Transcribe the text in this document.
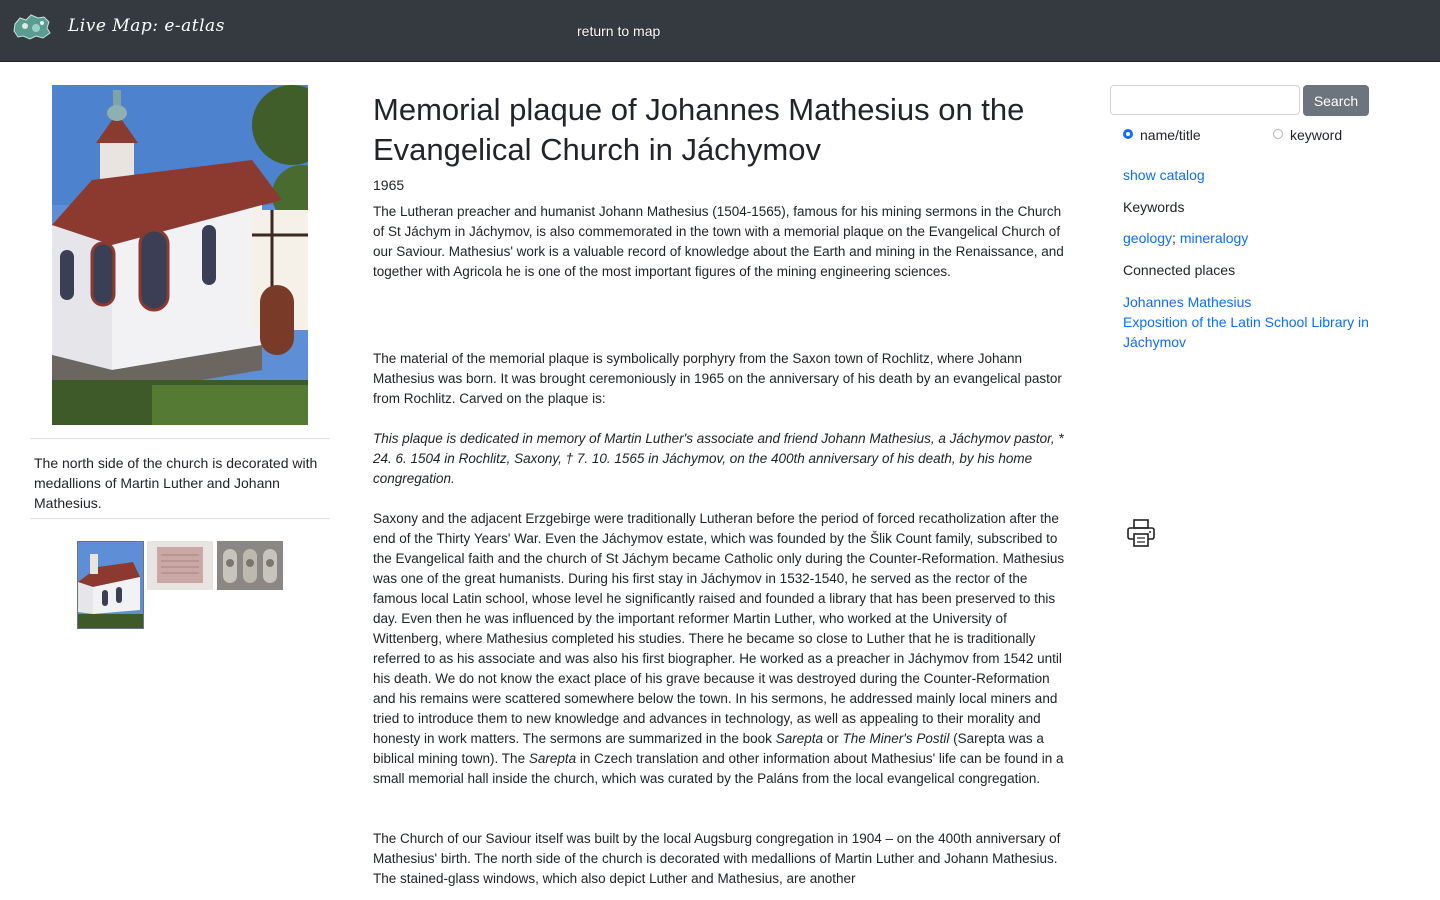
Live Map: e-atlas	return to map
The north side of the church is decorated with medallions of Martin Luther and Johann Mathesius.
Memorial plaque of Johannes Mathesius on the Evangelical Church in Jáchymov
1965

The Lutheran preacher and humanist Johann Mathesius (1504-1565), famous for his mining sermons in the Church of St Jáchym in Jáchymov, is also commemorated in the town with a memorial plaque on the Evangelical Church of our Saviour. Mathesius' work is a valuable record of knowledge about the Earth and mining in the Renaissance, and together with Agricola he is one of the most important figures of the mining engineering sciences.

The material of the memorial plaque is symbolically porphyry from the Saxon town of Rochlitz, where Johann Mathesius was born. It was brought ceremoniously in 1965 on the anniversary of his death by an evangelical pastor from Rochlitz. Carved on the plaque is:

This plaque is dedicated in memory of Martin Luther's associate and friend Johann Mathesius, a Jáchymov pastor, * 24. 6. 1504 in Rochlitz, Saxony, † 7. 10. 1565 in Jáchymov, on the 400th anniversary of his death, by his home congregation.

Saxony and the adjacent Erzgebirge were traditionally Lutheran before the period of forced recatholization after the end of the Thirty Years' War. Even the Jáchymov estate, which was founded by the Šlik Count family, subscribed to the Evangelical faith and the church of St Jáchym became Catholic only during the Counter-Reformation. Mathesius was one of the great humanists. During his first stay in Jáchymov in 1532-1540, he served as the rector of the famous local Latin school, whose level he significantly raised and founded a library that has been preserved to this day. Even then he was influenced by the important reformer Martin Luther, who worked at the University of Wittenberg, where Mathesius completed his studies. There he became so close to Luther that he is traditionally referred to as his associate and was also his first biographer. He worked as a preacher in Jáchymov from 1542 until his death. We do not know the exact place of his grave because it was destroyed during the Counter-Reformation and his remains were scattered somewhere below the town. In his sermons, he addressed mainly local miners and tried to introduce them to new knowledge and advances in technology, as well as appealing to their morality and honesty in work matters. The sermons are summarized in the book Sarepta or The Miner's Postil (Sarepta was a biblical mining town). The Sarepta in Czech translation and other information about Mathesius' life can be found in a small memorial hall inside the church, which was curated by the Paláns from the local evangelical congregation.

The Church of our Saviour itself was built by the local Augsburg congregation in 1904 – on the 400th anniversary of Mathesius' birth. The north side of the church is decorated with medallions of Martin Luther and Johann Mathesius. The stained-glass windows, which also depict Luther and Mathesius, are another

Search
name/title	keyword
show catalog
Keywords
geology; mineralogy
Connected places
Johannes Mathesius
Exposition of the Latin School Library in Jáchymov
